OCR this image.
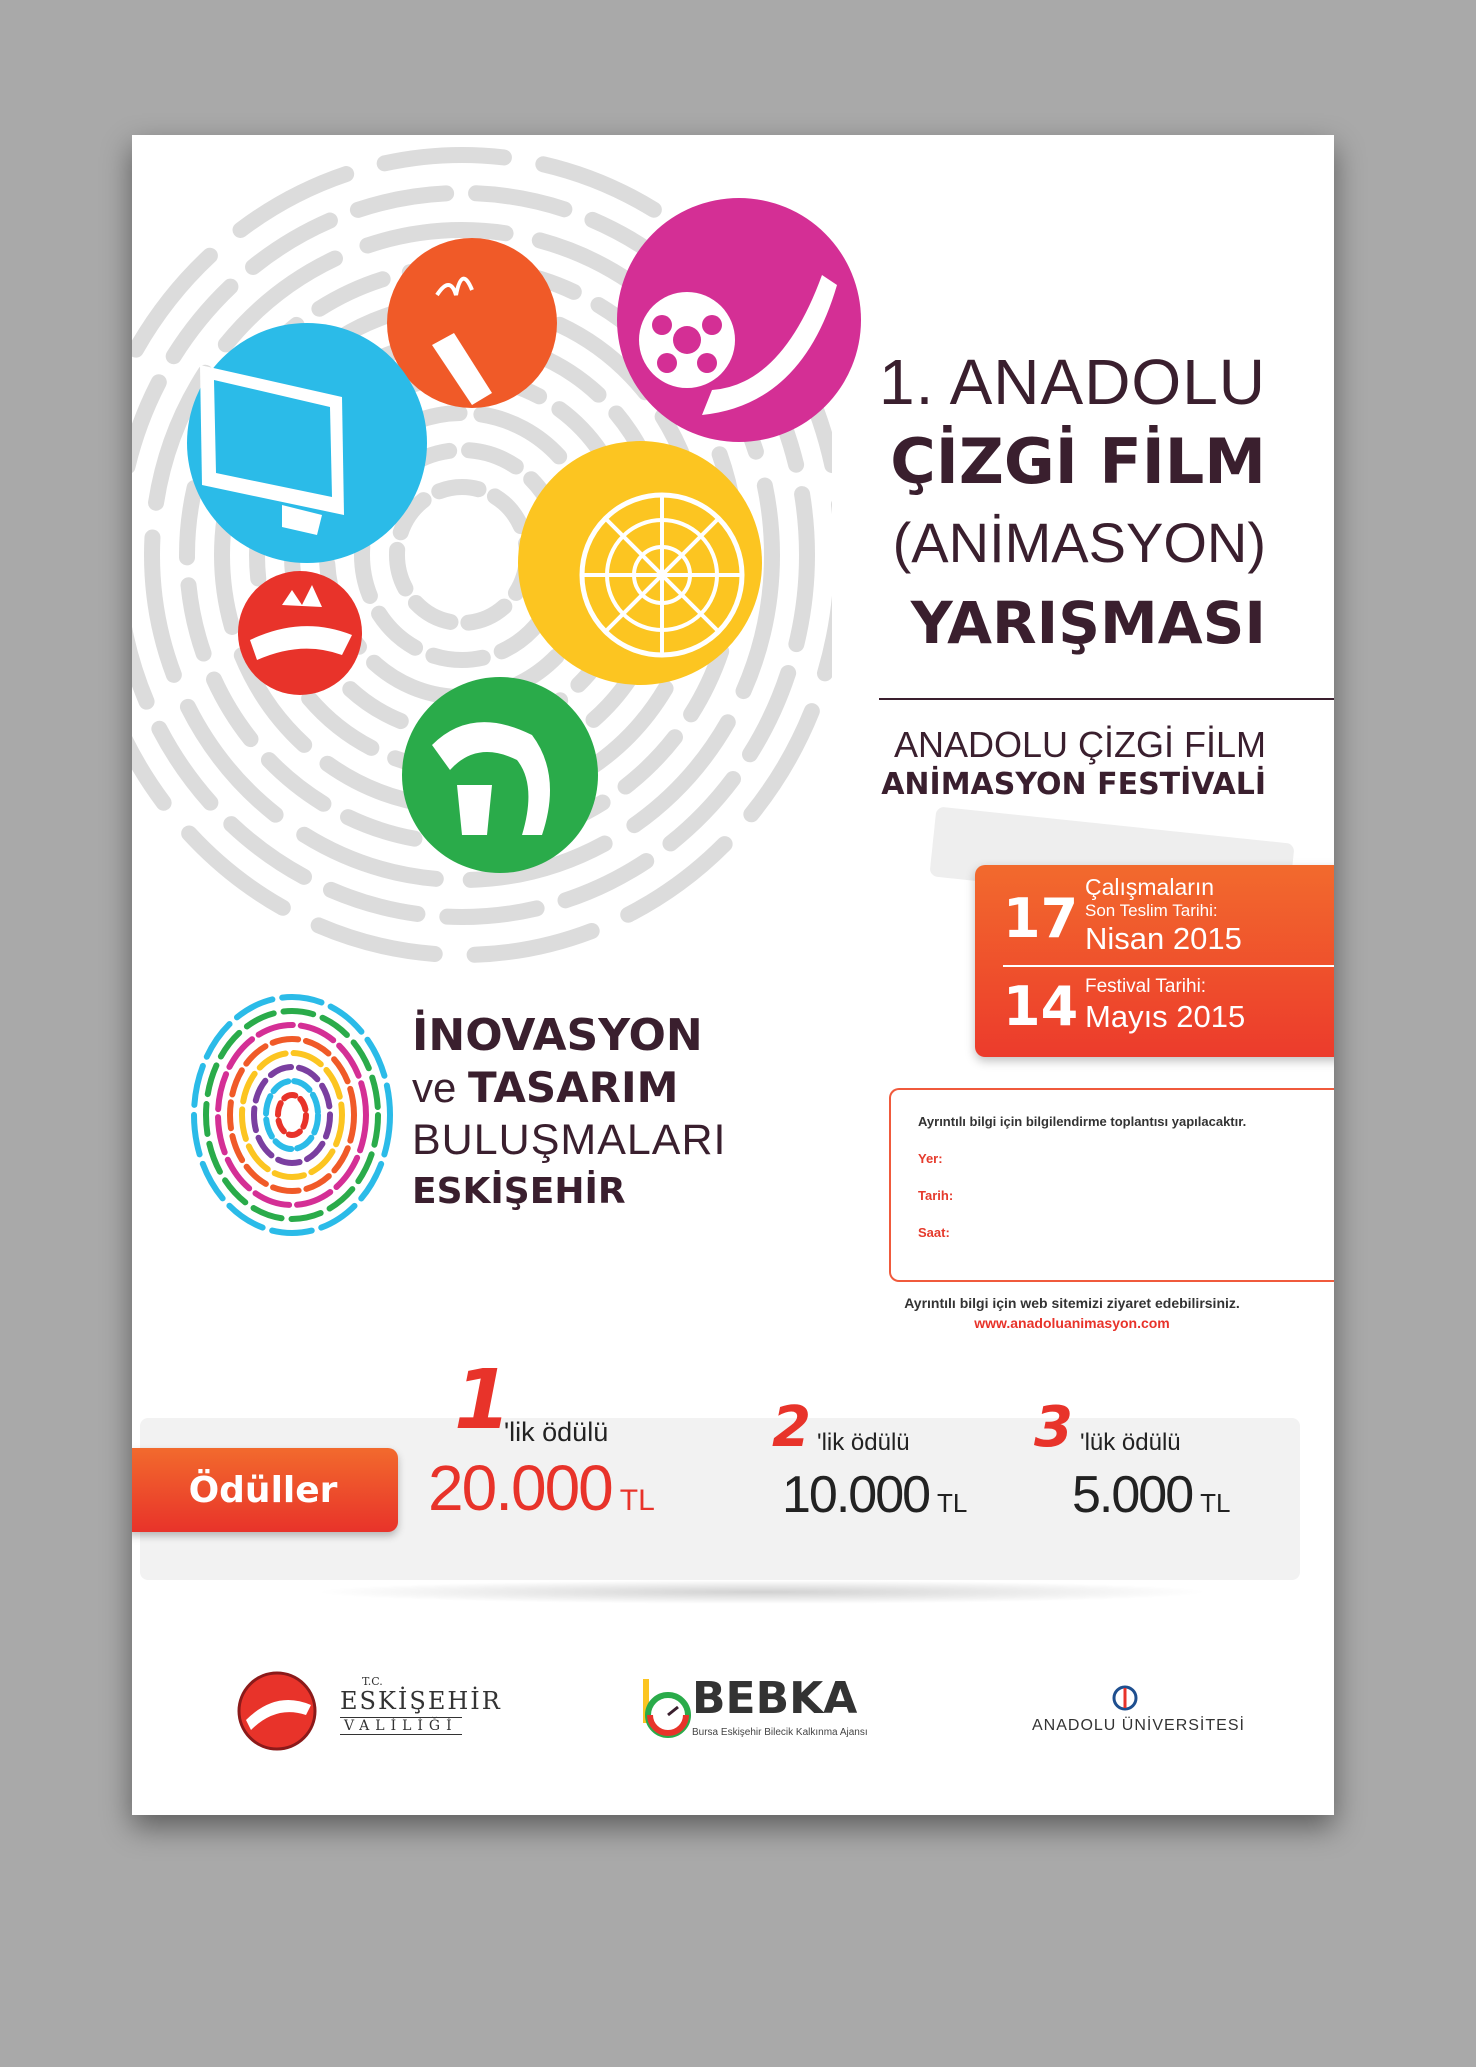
1. ANADOLU
ÇİZGİ FİLM
(ANİMASYON)
YARIŞMASI
ANADOLU ÇİZGİ FİLM
ANİMASYON FESTİVALİ
17 Çalışmaların
Son Teslim Tarihi:
Nisan 2015
14 Festival Tarihi:
Mayıs 2015
Ayrıntılı bilgi için bilgilendirme toplantısı yapılacaktır.
Yer:
Tarih:
Saat:
Ayrıntılı bilgi için web sitemizi ziyaret edebilirsiniz.
www.anadoluanimasyon.com
İNOVASYON
ve TASARIM
BULUŞMALARI
ESKİŞEHİR
Ödüller
1
'lik ödülü
20.000 TL
2 'lik ödülü
10.000 TL
3 'lük ödülü
5.000 TL
T.C.
ESKİŞEHİR
VALİLİĞİ
BEBKA
Bursa Eskişehir Bilecik Kalkınma Ajansı	ANADOLU ÜNİVERSİTESİ
